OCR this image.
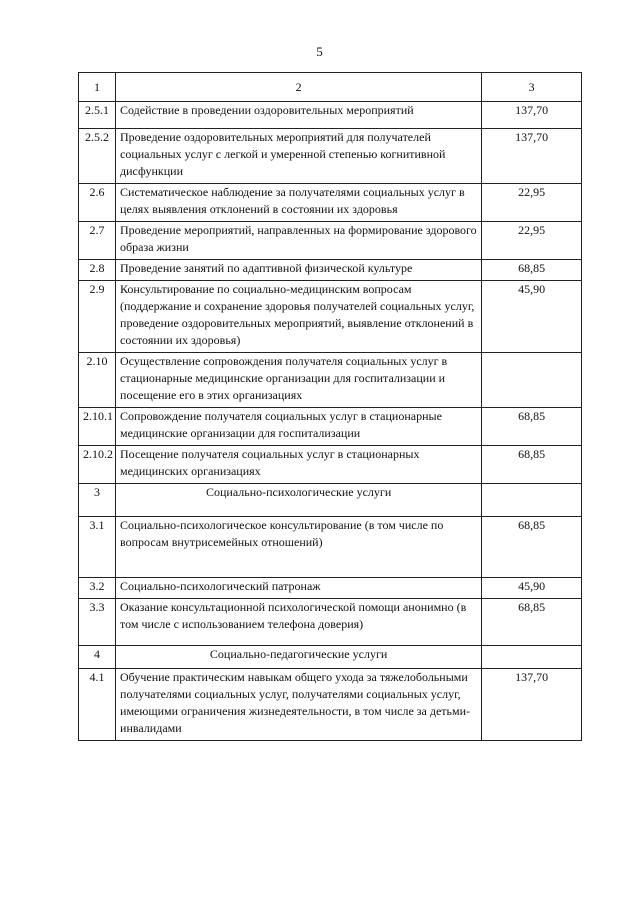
5
1	2	3
2.5.1	Содействие в проведении оздоровительных мероприятий	137,70
2.5.2	Проведение оздоровительных мероприятий для получателей социальных услуг с легкой и умеренной степенью когнитивной дисфункции	137,70
2.6	Систематическое наблюдение за получателями социальных услуг в целях выявления отклонений в состоянии их здоровья	22,95
2.7	Проведение мероприятий, направленных на формирование здорового образа жизни	22,95
2.8	Проведение занятий по адаптивной физической культуре	68,85
2.9	Консультирование по социально-медицинским вопросам (поддержание и сохранение здоровья получателей социальных услуг, проведение оздоровительных мероприятий, выявление отклонений в состоянии их здоровья)	45,90
2.10	Осуществление сопровождения получателя социальных услуг в стационарные медицинские организации для госпитализации и посещение его в этих организациях	
2.10.1	Сопровождение получателя социальных услуг в стационарные медицинские организации для госпитализации	68,85
2.10.2	Посещение получателя социальных услуг в стационарных медицинских организациях	68,85
3	Социально-психологические услуги	
3.1	Социально-психологическое консультирование (в том числе по вопросам внутрисемейных отношений)	68,85
3.2	Социально-психологический патронаж	45,90
3.3	Оказание консультационной психологической помощи анонимно (в том числе с использованием телефона доверия)	68,85
4	Социально-педагогические услуги	
4.1	Обучение практическим навыкам общего ухода за тяжелобольными получателями социальных услуг, получателями социальных услуг, имеющими ограничения жизнедеятельности, в том числе за детьми-инвалидами	137,70
